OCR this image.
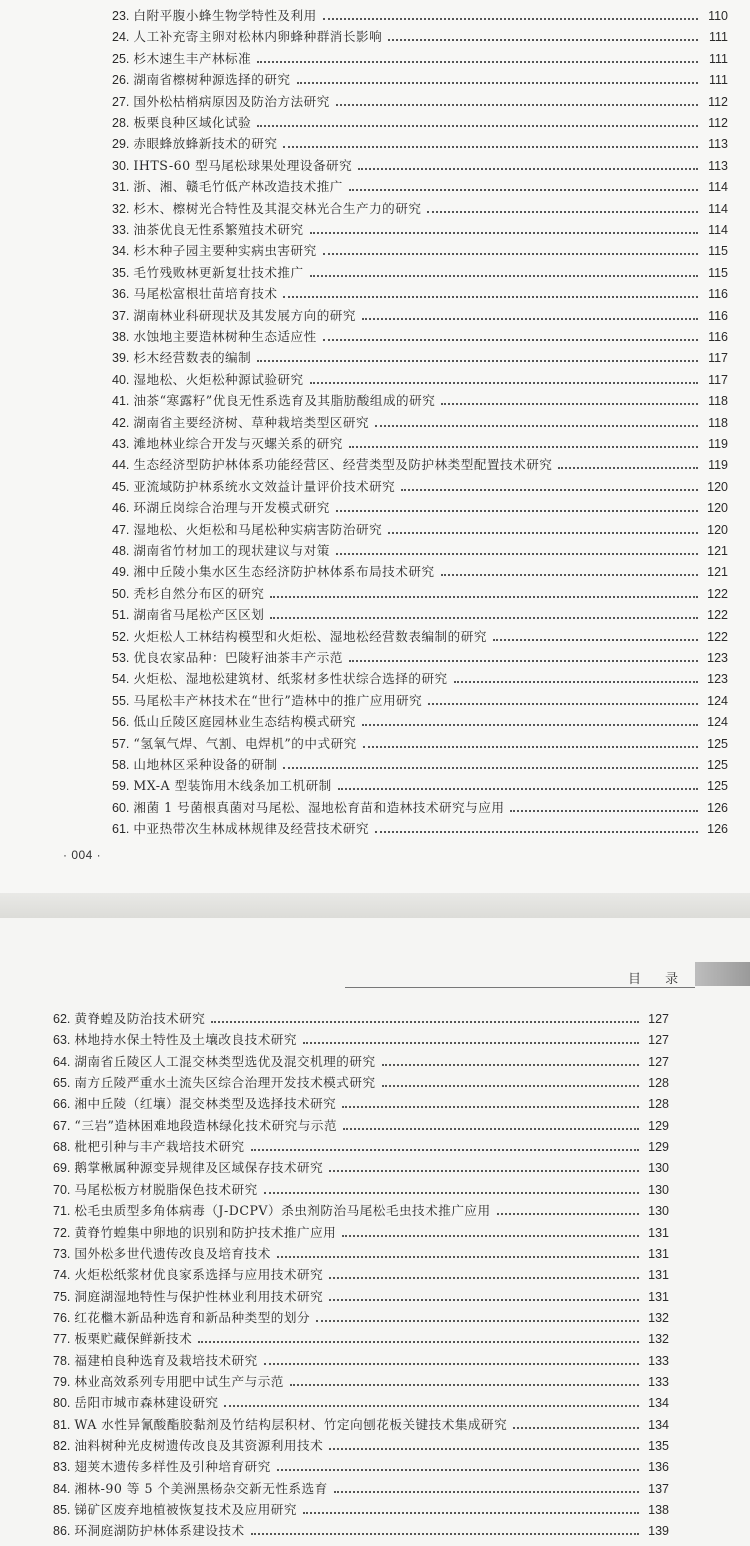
23. 白附平腹小蜂生物学特性及利用	110
24. 人工补充寄主卵对松林内卵蜂种群消长影响	111
25. 杉木速生丰产林标准	111
26. 湖南省檫树种源选择的研究	111
27. 国外松枯梢病原因及防治方法研究	112
28. 板栗良种区域化试验	112
29. 赤眼蜂放蜂新技术的研究	113
30. IHTS-60 型马尾松球果处理设备研究	113
31. 浙、湘、赣毛竹低产林改造技术推广	114
32. 杉木、檫树光合特性及其混交林光合生产力的研究	114
33. 油茶优良无性系繁殖技术研究	114
34. 杉木种子园主要种实病虫害研究	115
35. 毛竹残败林更新复壮技术推广	115
36. 马尾松富根壮苗培育技术	116
37. 湖南林业科研现状及其发展方向的研究	116
38. 水蚀地主要造林树种生态适应性	116
39. 杉木经营数表的编制	117
40. 湿地松、火炬松种源试验研究	117
41. 油茶“寒露籽”优良无性系选育及其脂肪酸组成的研究	118
42. 湖南省主要经济树、草种栽培类型区研究	118
43. 滩地林业综合开发与灭螺关系的研究	119
44. 生态经济型防护林体系功能经营区、经营类型及防护林类型配置技术研究	119
45. 亚流域防护林系统水文效益计量评价技术研究	120
46. 环湖丘岗综合治理与开发模式研究	120
47. 湿地松、火炬松和马尾松种实病害防治研究	120
48. 湖南省竹材加工的现状建议与对策	121
49. 湘中丘陵小集水区生态经济防护林体系布局技术研究	121
50. 秃杉自然分布区的研究	122
51. 湖南省马尾松产区区划	122
52. 火炬松人工林结构模型和火炬松、湿地松经营数表编制的研究	122
53. 优良农家品种：巴陵籽油茶丰产示范	123
54. 火炬松、湿地松建筑材、纸浆材多性状综合选择的研究	123
55. 马尾松丰产林技术在“世行”造林中的推广应用研究	124
56. 低山丘陵区庭园林业生态结构模式研究	124
57. “氢氧气焊、气割、电焊机”的中式研究	125
58. 山地林区采种设备的研制	125
59. MX-A 型装饰用木线条加工机研制	125
60. 湘菌 1 号菌根真菌对马尾松、湿地松育苗和造林技术研究与应用	126
61. 中亚热带次生林成林规律及经营技术研究	126
· 004 ·
目 录
62. 黄脊蝗及防治技术研究	127
63. 林地持水保土特性及土壤改良技术研究	127
64. 湖南省丘陵区人工混交林类型选优及混交机理的研究	127
65. 南方丘陵严重水土流失区综合治理开发技术模式研究	128
66. 湘中丘陵（红壤）混交林类型及选择技术研究	128
67. “三岩”造林困难地段造林绿化技术研究与示范	129
68. 枇杷引种与丰产栽培技术研究	129
69. 鹅掌楸属种源变异规律及区域保存技术研究	130
70. 马尾松板方材脱脂保色技术研究	130
71. 松毛虫质型多角体病毒（J-DCPV）杀虫剂防治马尾松毛虫技术推广应用	130
72. 黄脊竹蝗集中卵地的识别和防护技术推广应用	131
73. 国外松多世代遗传改良及培育技术	131
74. 火炬松纸浆材优良家系选择与应用技术研究	131
75. 洞庭湖湿地特性与保护性林业利用技术研究	131
76. 红花檵木新品种选育和新品种类型的划分	132
77. 板栗贮藏保鲜新技术	132
78. 福建柏良种选育及栽培技术研究	133
79. 林业高效系列专用肥中试生产与示范	133
80. 岳阳市城市森林建设研究	134
81. WA 水性异氰酸酯胶黏剂及竹结构层积材、竹定向刨花板关键技术集成研究	134
82. 油料树种光皮树遗传改良及其资源利用技术	135
83. 翅荚木遗传多样性及引种培育研究	136
84. 湘林-90 等 5 个美洲黑杨杂交新无性系选育	137
85. 锑矿区废弃地植被恢复技术及应用研究	138
86. 环洞庭湖防护林体系建设技术	139
